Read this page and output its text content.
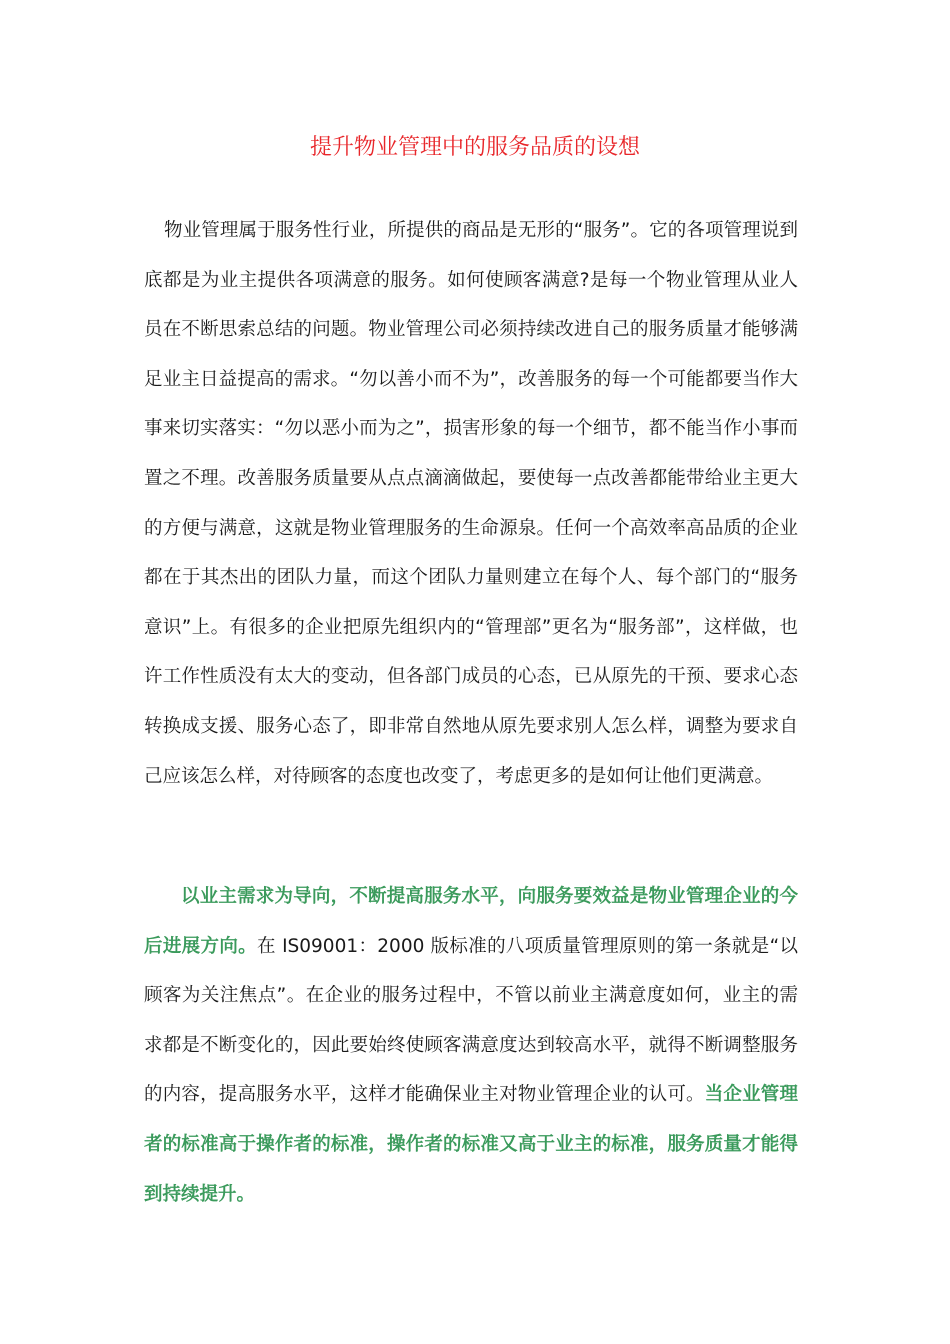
提升物业管理中的服务品质的设想

物业管理属于服务性行业，所提供的商品是无形的“服务”。它的各项管理说到底都是为业主提供各项满意的服务。如何使顾客满意?是每一个物业管理从业人员在不断思索总结的问题。物业管理公司必须持续改进自己的服务质量才能够满足业主日益提高的需求。“勿以善小而不为”，改善服务的每一个可能都要当作大事来切实落实：“勿以恶小而为之”，损害形象的每一个细节，都不能当作小事而置之不理。改善服务质量要从点点滴滴做起，要使每一点改善都能带给业主更大的方便与满意，这就是物业管理服务的生命源泉。任何一个高效率高品质的企业都在于其杰出的团队力量，而这个团队力量则建立在每个人、每个部门的“服务意识”上。有很多的企业把原先组织内的“管理部”更名为“服务部”，这样做，也许工作性质没有太大的变动，但各部门成员的心态，已从原先的干预、要求心态转换成支援、服务心态了，即非常自然地从原先要求别人怎么样，调整为要求自己应该怎么样，对待顾客的态度也改变了，考虑更多的是如何让他们更满意。

以业主需求为导向，不断提高服务水平，向服务要效益是物业管理企业的今后进展方向。在 IS09001：2000 版标准的八项质量管理原则的第一条就是“以顾客为关注焦点”。在企业的服务过程中，不管以前业主满意度如何，业主的需求都是不断变化的，因此要始终使顾客满意度达到较高水平，就得不断调整服务的内容，提高服务水平，这样才能确保业主对物业管理企业的认可。当企业管理者的标准高于操作者的标准，操作者的标准又高于业主的标准，服务质量才能得到持续提升。
